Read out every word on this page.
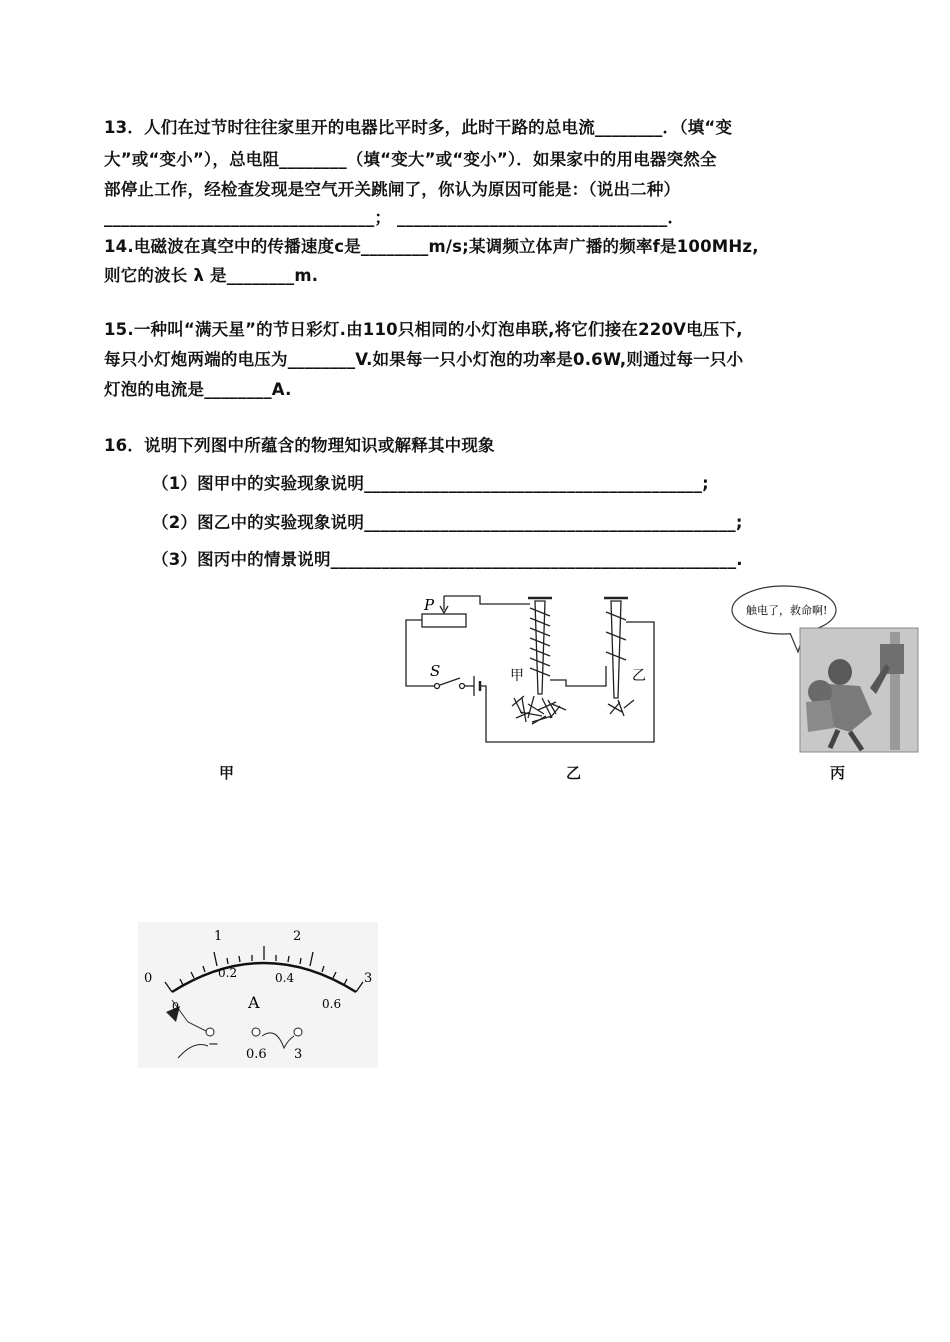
13．人们在过节时往往家里开的电器比平时多，此时干路的总电流________．（填“变
大”或“变小”），总电阻________（填“变大”或“变小”）．如果家中的用电器突然全
部停止工作，经检查发现是空气开关跳闸了，你认为原因可能是：（说出二种）
________________________________； ________________________________．
14.电磁波在真空中的传播速度c是________m/s;某调频立体声广播的频率f是100MHz,
则它的波长 λ 是________m.
15.一种叫“满天星”的节日彩灯.由110只相同的小灯泡串联,将它们接在220V电压下,
每只小灯炮两端的电压为________V.如果每一只小灯泡的功率是0.6W,则通过每一只小
灯泡的电流是________A.
16．说明下列图中所蕴含的物理知识或解释其中现象
（1）图甲中的实验现象说明________________________________________;
（2）图乙中的实验现象说明____________________________________________;
（3）图丙中的情景说明________________________________________________.
P
S	甲	乙
触电了，救命啊!
甲	乙	丙
0
1	2
3
0.2	0.4
0.6
A
0
−
0.6 3
